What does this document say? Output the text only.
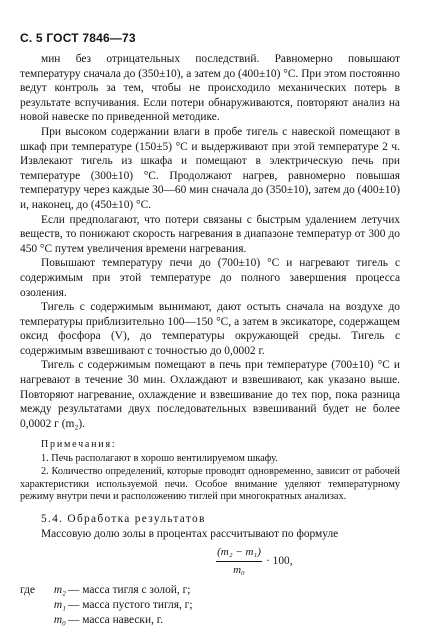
С. 5 ГОСТ 7846—73

мин без отрицательных последствий. Равномерно повышают температуру сначала до (350±10), а затем до (400±10) °С. При этом постоянно ведут контроль за тем, чтобы не происходило механических потерь в результате вспучивания. Если потери обнаруживаются, повторяют анализ на новой навеске по приведенной методике.

При высоком содержании влаги в пробе тигель с навеской помещают в шкаф при температуре (150±5) °С и выдерживают при этой температуре 2 ч. Извлекают тигель из шкафа и помещают в электрическую печь при температуре (300±10) °С. Продолжают нагрев, равномерно повышая температуру через каждые 30—60 мин сначала до (350±10), затем до (400±10) и, наконец, до (450±10) °С.

Если предполагают, что потери связаны с быстрым удалением летучих веществ, то понижают скорость нагревания в диапазоне температур от 300 до 450 °С путем увеличения времени нагревания.

Повышают температуру печи до (700±10) °С и нагревают тигель с содержимым при этой температуре до полного завершения процесса озоления.

Тигель с содержимым вынимают, дают остыть сначала на воздухе до температуры приблизительно 100—150 °С, а затем в эксикаторе, содержащем оксид фосфора (V), до температуры окружающей среды. Тигель с содержимым взвешивают с точностью до 0,0002 г.

Тигель с содержимым помещают в печь при температуре (700±10) °С и нагревают в течение 30 мин. Охлаждают и взвешивают, как указано выше. Повторяют нагревание, охлаждение и взвешивание до тех пор, пока разница между результатами двух последовательных взвешиваний будет не более 0,0002 г (m₂).

Примечания:

1. Печь располагают в хорошо вентилируемом шкафу.

2. Количество определений, которые проводят одновременно, зависит от рабочей характеристики используемой печи. Особое внимание уделяют температурному режиму внутри печи и расположению тиглей при многократных анализах.

5.4. Обработка результатов

Массовую долю золы в процентах рассчитывают по формуле

(m₂ − m₁)
m₀
· 100,
где	m₂ — масса тигля с золой, г;
m₁ — масса пустого тигля, г;
m₀ — масса навески, г.
